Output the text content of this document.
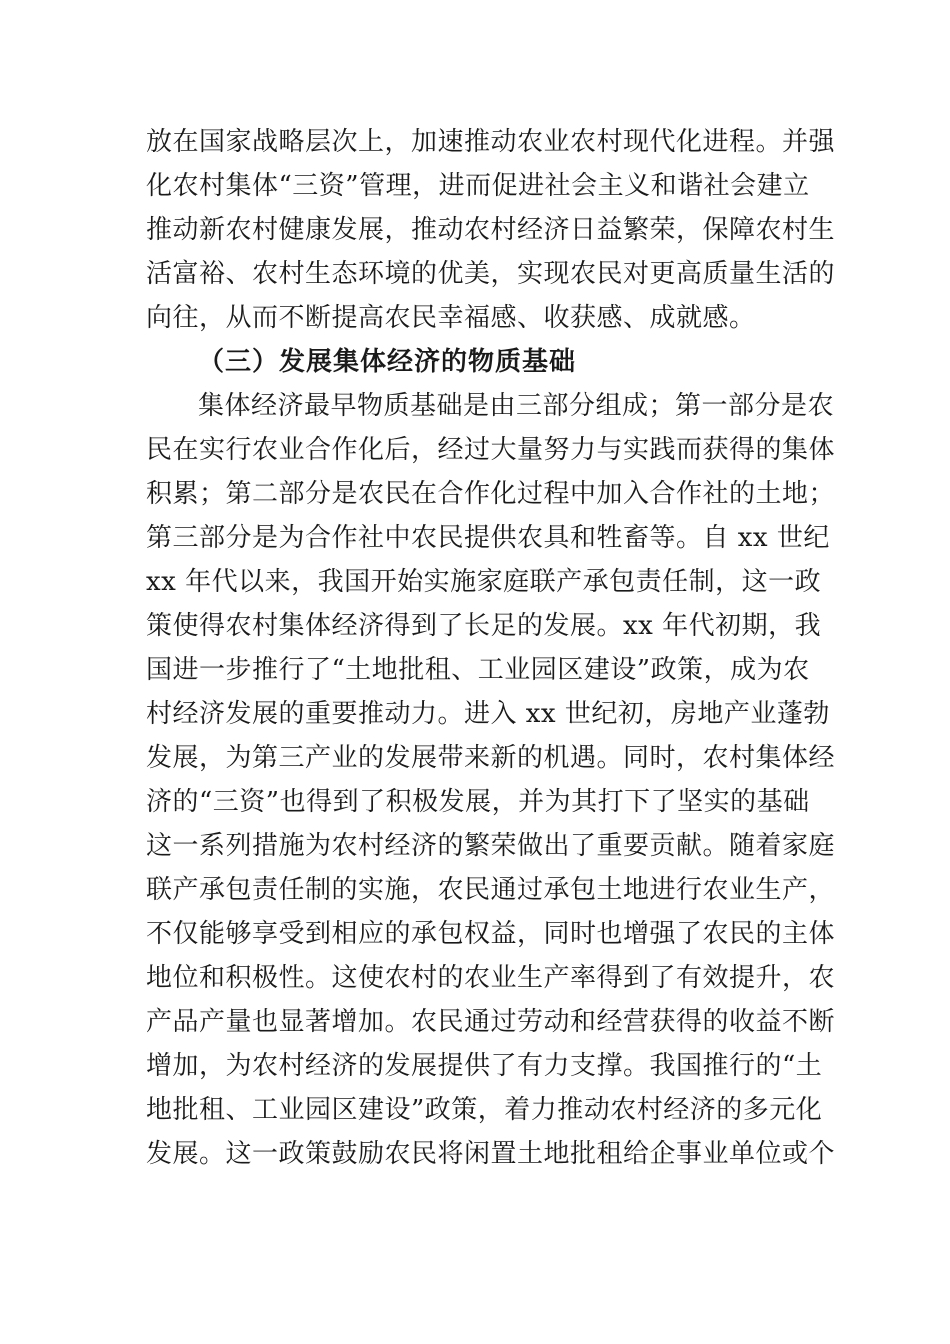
放在国家战略层次上，加速推动农业农村现代化进程。并强
化农村集体“三资”管理，进而促进社会主义和谐社会建立
推动新农村健康发展，推动农村经济日益繁荣，保障农村生
活富裕、农村生态环境的优美，实现农民对更高质量生活的
向往，从而不断提高农民幸福感、收获感、成就感。
（三）发展集体经济的物质基础
集体经济最早物质基础是由三部分组成；第一部分是农
民在实行农业合作化后，经过大量努力与实践而获得的集体
积累；第二部分是农民在合作化过程中加入合作社的土地；
第三部分是为合作社中农民提供农具和牲畜等。自 xx 世纪
xx 年代以来，我国开始实施家庭联产承包责任制，这一政
策使得农村集体经济得到了长足的发展。xx 年代初期，我
国进一步推行了“土地批租、工业园区建设”政策，成为农
村经济发展的重要推动力。进入 xx 世纪初，房地产业蓬勃
发展，为第三产业的发展带来新的机遇。同时，农村集体经
济的“三资”也得到了积极发展，并为其打下了坚实的基础
这一系列措施为农村经济的繁荣做出了重要贡献。随着家庭
联产承包责任制的实施，农民通过承包土地进行农业生产，
不仅能够享受到相应的承包权益，同时也增强了农民的主体
地位和积极性。这使农村的农业生产率得到了有效提升，农
产品产量也显著增加。农民通过劳动和经营获得的收益不断
增加，为农村经济的发展提供了有力支撑。我国推行的“土
地批租、工业园区建设”政策，着力推动农村经济的多元化
发展。这一政策鼓励农民将闲置土地批租给企事业单位或个
